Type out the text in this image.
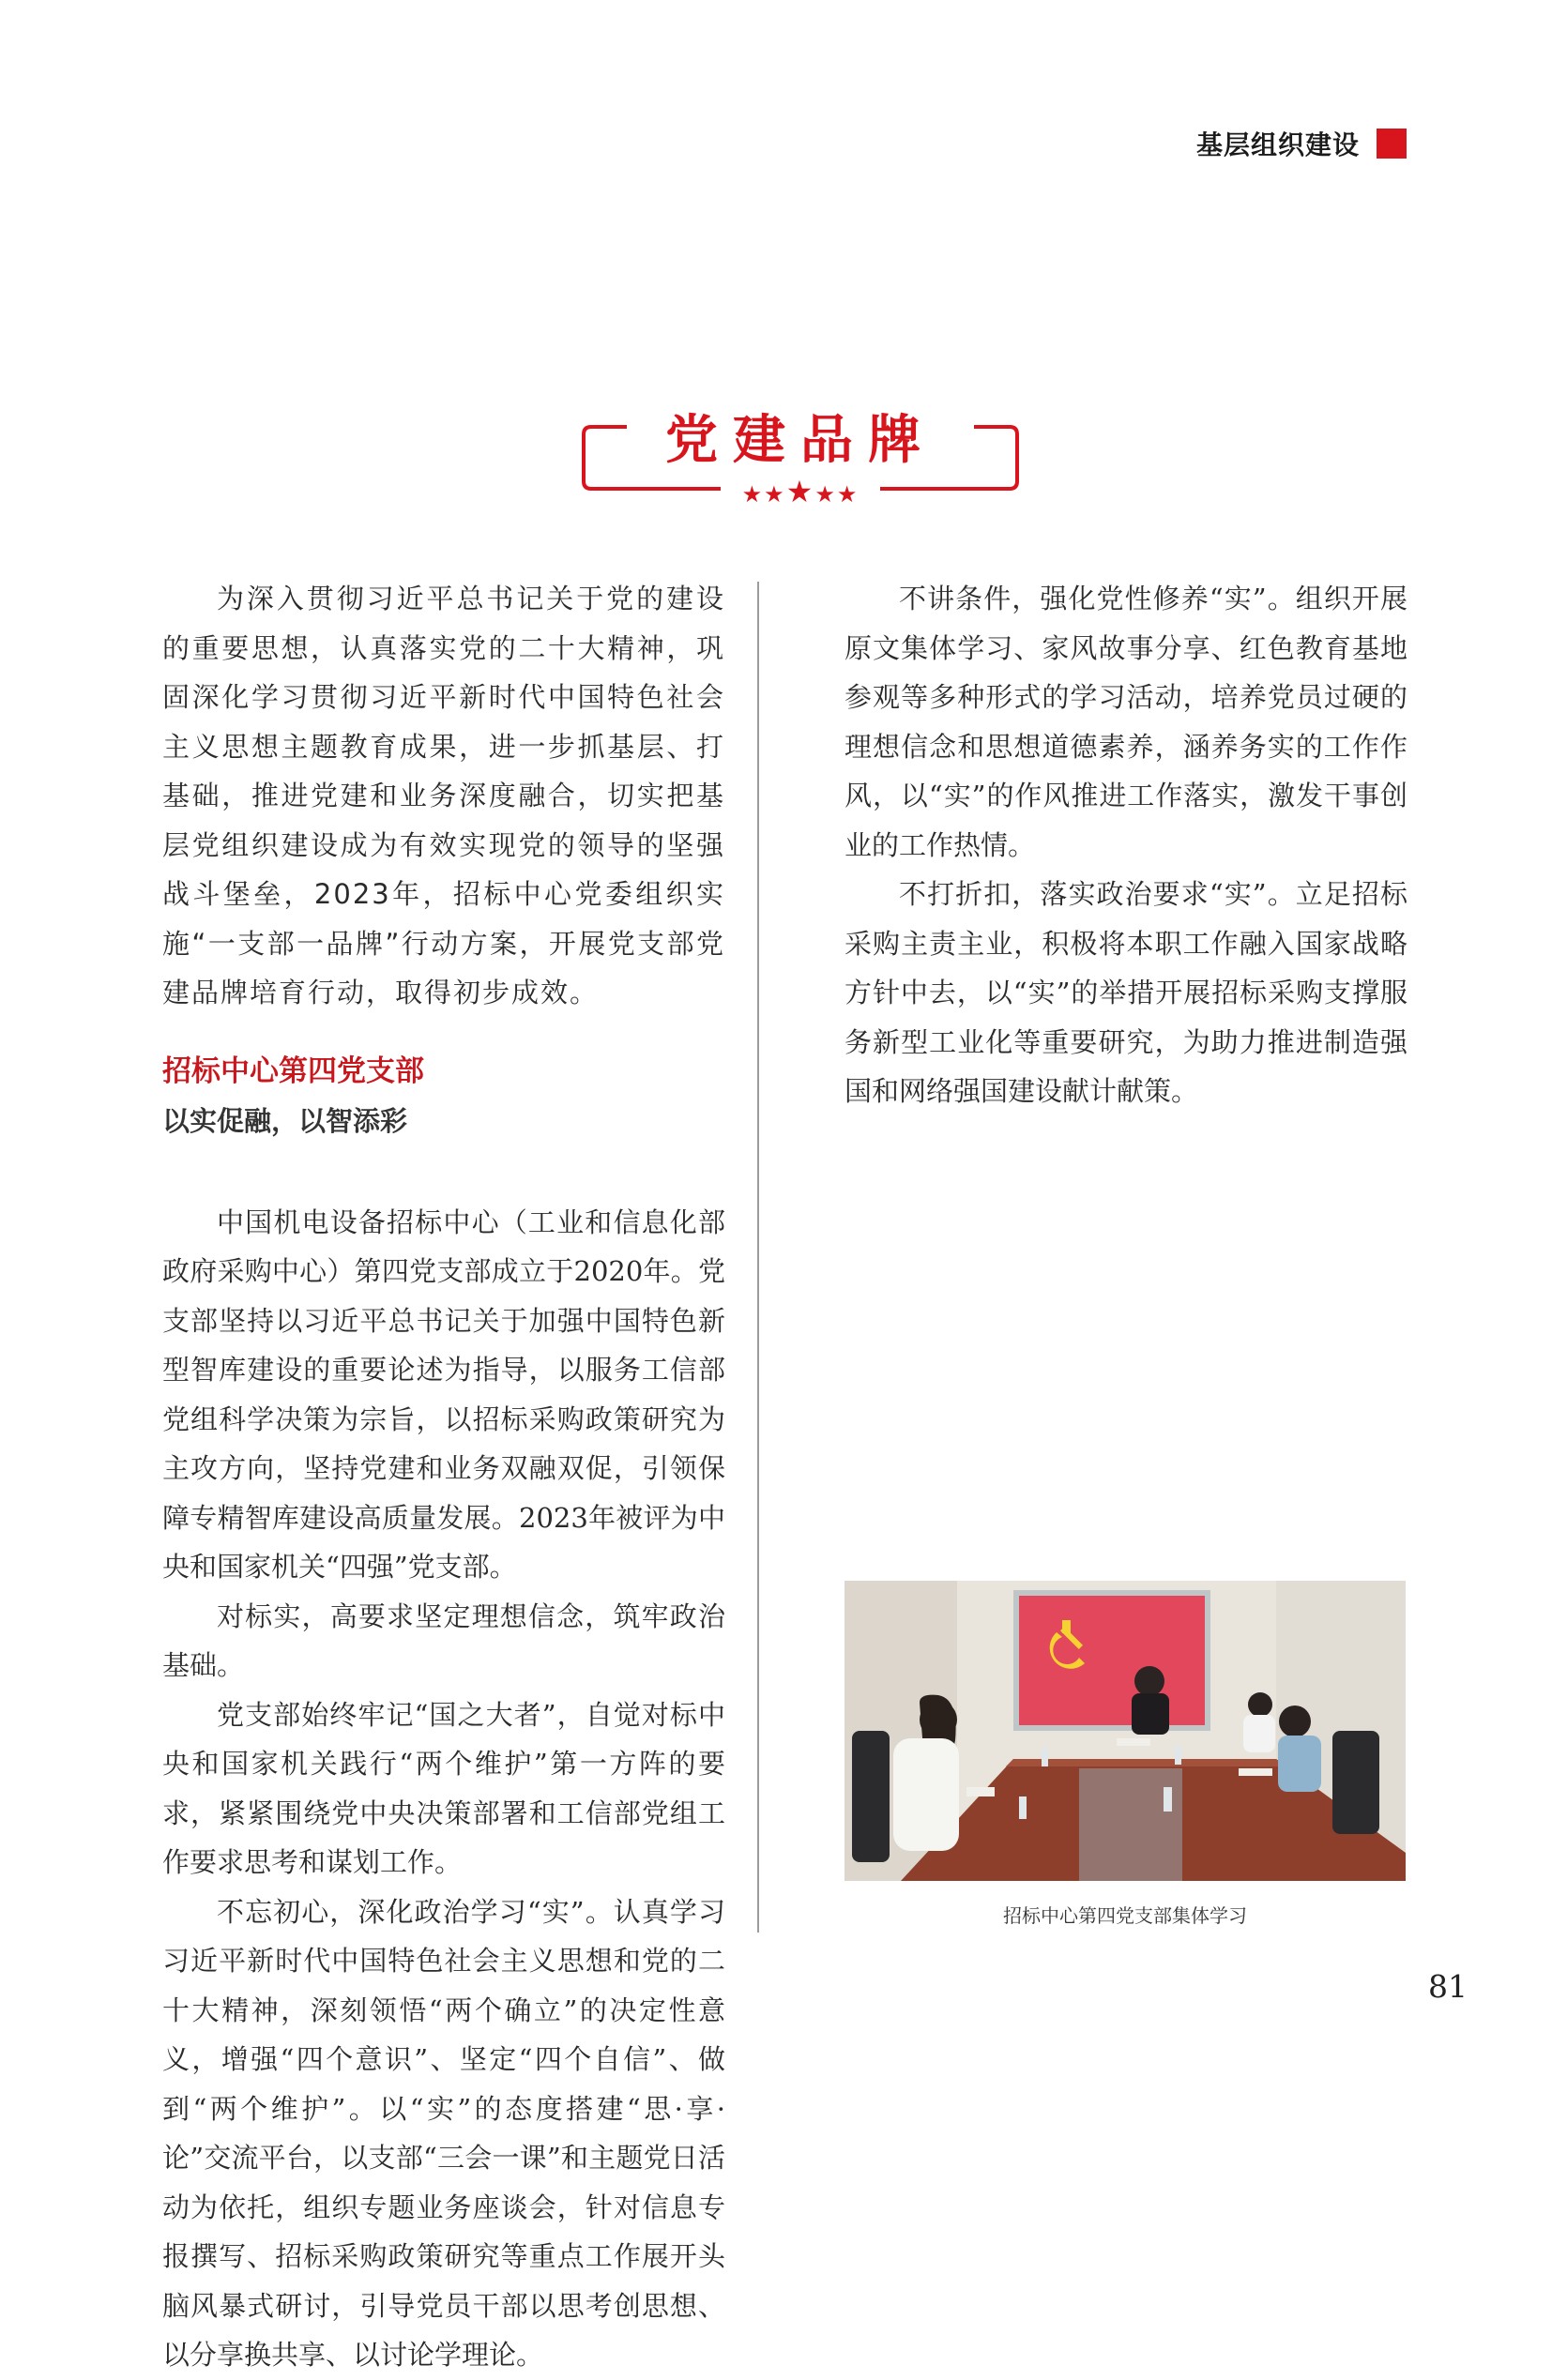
基层组织建设
党建品牌
★★★★★

为深入贯彻习近平总书记关于党的建设的重要思想，认真落实党的二十大精神，巩固深化学习贯彻习近平新时代中国特色社会主义思想主题教育成果，进一步抓基层、打基础，推进党建和业务深度融合，切实把基层党组织建设成为有效实现党的领导的坚强战斗堡垒，2023年，招标中心党委组织实施“一支部一品牌”行动方案，开展党支部党建品牌培育行动，取得初步成效。

招标中心第四党支部

以实促融，以智添彩

中国机电设备招标中心（工业和信息化部政府采购中心）第四党支部成立于2020年。党支部坚持以习近平总书记关于加强中国特色新型智库建设的重要论述为指导，以服务工信部党组科学决策为宗旨，以招标采购政策研究为主攻方向，坚持党建和业务双融双促，引领保障专精智库建设高质量发展。2023年被评为中央和国家机关“四强”党支部。

对标实，高要求坚定理想信念，筑牢政治基础。

党支部始终牢记“国之大者”，自觉对标中央和国家机关践行“两个维护”第一方阵的要求，紧紧围绕党中央决策部署和工信部党组工作要求思考和谋划工作。

不忘初心，深化政治学习“实”。认真学习习近平新时代中国特色社会主义思想和党的二十大精神，深刻领悟“两个确立”的决定性意义，增强“四个意识”、坚定“四个自信”、做到“两个维护”。以“实”的态度搭建“思·享·论”交流平台，以支部“三会一课”和主题党日活动为依托，组织专题业务座谈会，针对信息专报撰写、招标采购政策研究等重点工作展开头脑风暴式研讨，引导党员干部以思考创思想、以分享换共享、以讨论学理论。

不讲条件，强化党性修养“实”。组织开展原文集体学习、家风故事分享、红色教育基地参观等多种形式的学习活动，培养党员过硬的理想信念和思想道德素养，涵养务实的工作作风，以“实”的作风推进工作落实，激发干事创业的工作热情。

不打折扣，落实政治要求“实”。立足招标采购主责主业，积极将本职工作融入国家战略方针中去，以“实”的举措开展招标采购支撑服务新型工业化等重要研究，为助力推进制造强国和网络强国建设献计献策。

招标中心第四党支部集体学习
81
